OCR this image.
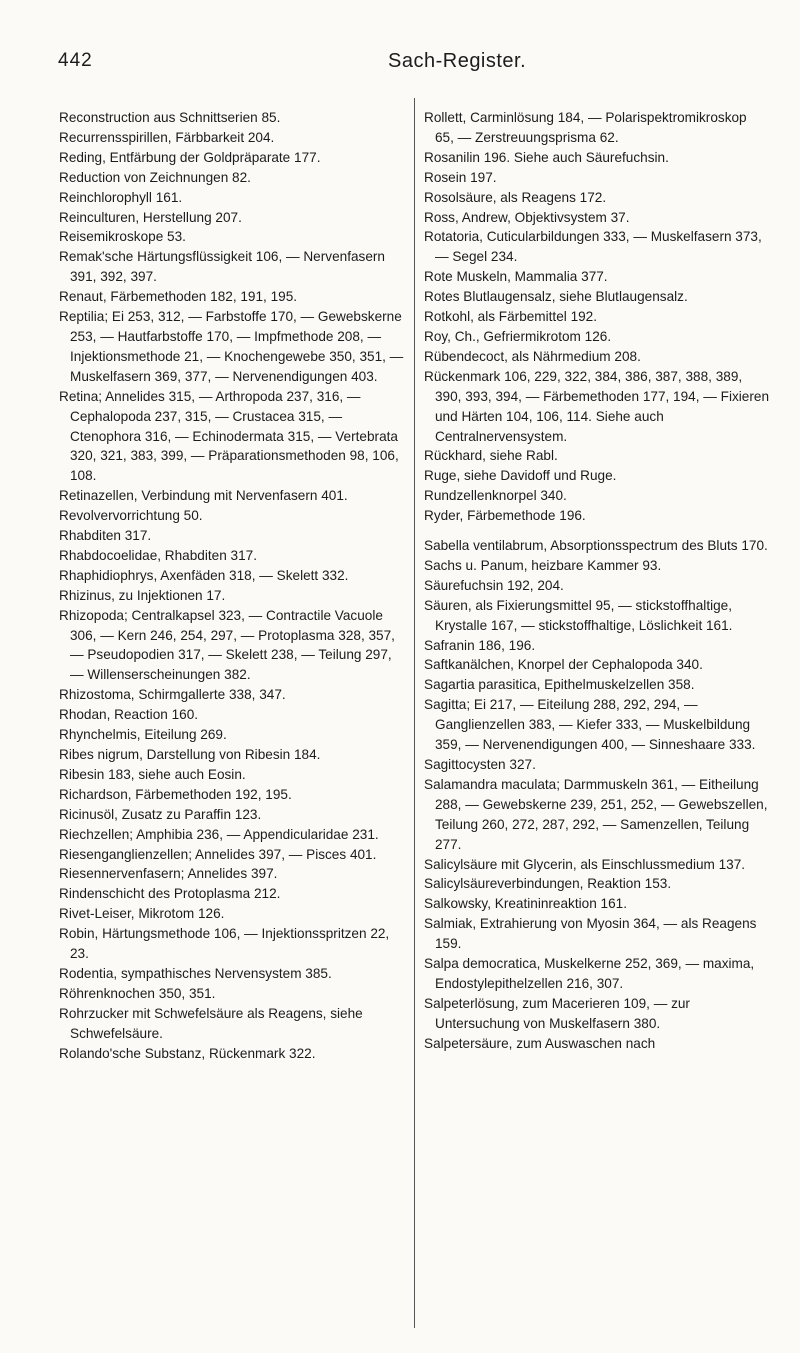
442	Sach-Register.

Reconstruction aus Schnittserien 85.

Recurrensspirillen, Färbbarkeit 204.

Reding, Entfärbung der Goldpräparate 177.

Reduction von Zeichnungen 82.

Reinchlorophyll 161.

Reinculturen, Herstellung 207.

Reisemikroskope 53.

Remak'sche Härtungsflüssigkeit 106, — Nervenfasern 391, 392, 397.

Renaut, Färbemethoden 182, 191, 195.

Reptilia; Ei 253, 312, — Farbstoffe 170, — Gewebskerne 253, — Hautfarbstoffe 170, — Impfmethode 208, — Injektionsmethode 21, — Knochengewebe 350, 351, — Muskelfasern 369, 377, — Nervenendigungen 403.

Retina; Annelides 315, — Arthropoda 237, 316, — Cephalopoda 237, 315, — Crustacea 315, — Ctenophora 316, — Echinodermata 315, — Vertebrata 320, 321, 383, 399, — Präparationsmethoden 98, 106, 108.

Retinazellen, Verbindung mit Nervenfasern 401.

Revolvervorrichtung 50.

Rhabditen 317.

Rhabdocoelidae, Rhabditen 317.

Rhaphidiophrys, Axenfäden 318, — Skelett 332.

Rhizinus, zu Injektionen 17.

Rhizopoda; Centralkapsel 323, — Contractile Vacuole 306, — Kern 246, 254, 297, — Protoplasma 328, 357, — Pseudopodien 317, — Skelett 238, — Teilung 297, — Willenserscheinungen 382.

Rhizostoma, Schirmgallerte 338, 347.

Rhodan, Reaction 160.

Rhynchelmis, Eiteilung 269.

Ribes nigrum, Darstellung von Ribesin 184.

Ribesin 183, siehe auch Eosin.

Richardson, Färbemethoden 192, 195.

Ricinusöl, Zusatz zu Paraffin 123.

Riechzellen; Amphibia 236, — Appendicularidae 231.

Riesenganglienzellen; Annelides 397, — Pisces 401.

Riesennervenfasern; Annelides 397.

Rindenschicht des Protoplasma 212.

Rivet-Leiser, Mikrotom 126.

Robin, Härtungsmethode 106, — Injektionsspritzen 22, 23.

Rodentia, sympathisches Nervensystem 385.

Röhrenknochen 350, 351.

Rohrzucker mit Schwefelsäure als Reagens, siehe Schwefelsäure.

Rolando'sche Substanz, Rückenmark 322.

Rollett, Carminlösung 184, — Polarispektromikroskop 65, — Zerstreuungsprisma 62.

Rosanilin 196. Siehe auch Säurefuchsin.

Rosein 197.

Rosolsäure, als Reagens 172.

Ross, Andrew, Objektivsystem 37.

Rotatoria, Cuticularbildungen 333, — Muskelfasern 373, — Segel 234.

Rote Muskeln, Mammalia 377.

Rotes Blutlaugensalz, siehe Blutlaugensalz.

Rotkohl, als Färbemittel 192.

Roy, Ch., Gefriermikrotom 126.

Rübendecoct, als Nährmedium 208.

Rückenmark 106, 229, 322, 384, 386, 387, 388, 389, 390, 393, 394, — Färbemethoden 177, 194, — Fixieren und Härten 104, 106, 114. Siehe auch Centralnervensystem.

Rückhard, siehe Rabl.

Ruge, siehe Davidoff und Ruge.

Rundzellenknorpel 340.

Ryder, Färbemethode 196.

Sabella ventilabrum, Absorptionsspectrum des Bluts 170.

Sachs u. Panum, heizbare Kammer 93.

Säurefuchsin 192, 204.

Säuren, als Fixierungsmittel 95, — stickstoffhaltige, Krystalle 167, — stickstoffhaltige, Löslichkeit 161.

Safranin 186, 196.

Saftkanälchen, Knorpel der Cephalopoda 340.

Sagartia parasitica, Epithelmuskelzellen 358.

Sagitta; Ei 217, — Eiteilung 288, 292, 294, — Ganglienzellen 383, — Kiefer 333, — Muskelbildung 359, — Nervenendigungen 400, — Sinneshaare 333.

Sagittocysten 327.

Salamandra maculata; Darmmuskeln 361, — Eitheilung 288, — Gewebskerne 239, 251, 252, — Gewebszellen, Teilung 260, 272, 287, 292, — Samenzellen, Teilung 277.

Salicylsäure mit Glycerin, als Einschlussmedium 137.

Salicylsäureverbindungen, Reaktion 153.

Salkowsky, Kreatininreaktion 161.

Salmiak, Extrahierung von Myosin 364, — als Reagens 159.

Salpa democratica, Muskelkerne 252, 369, — maxima, Endostylepithelzellen 216, 307.

Salpeterlösung, zum Macerieren 109, — zur Untersuchung von Muskelfasern 380.

Salpetersäure, zum Auswaschen nach
